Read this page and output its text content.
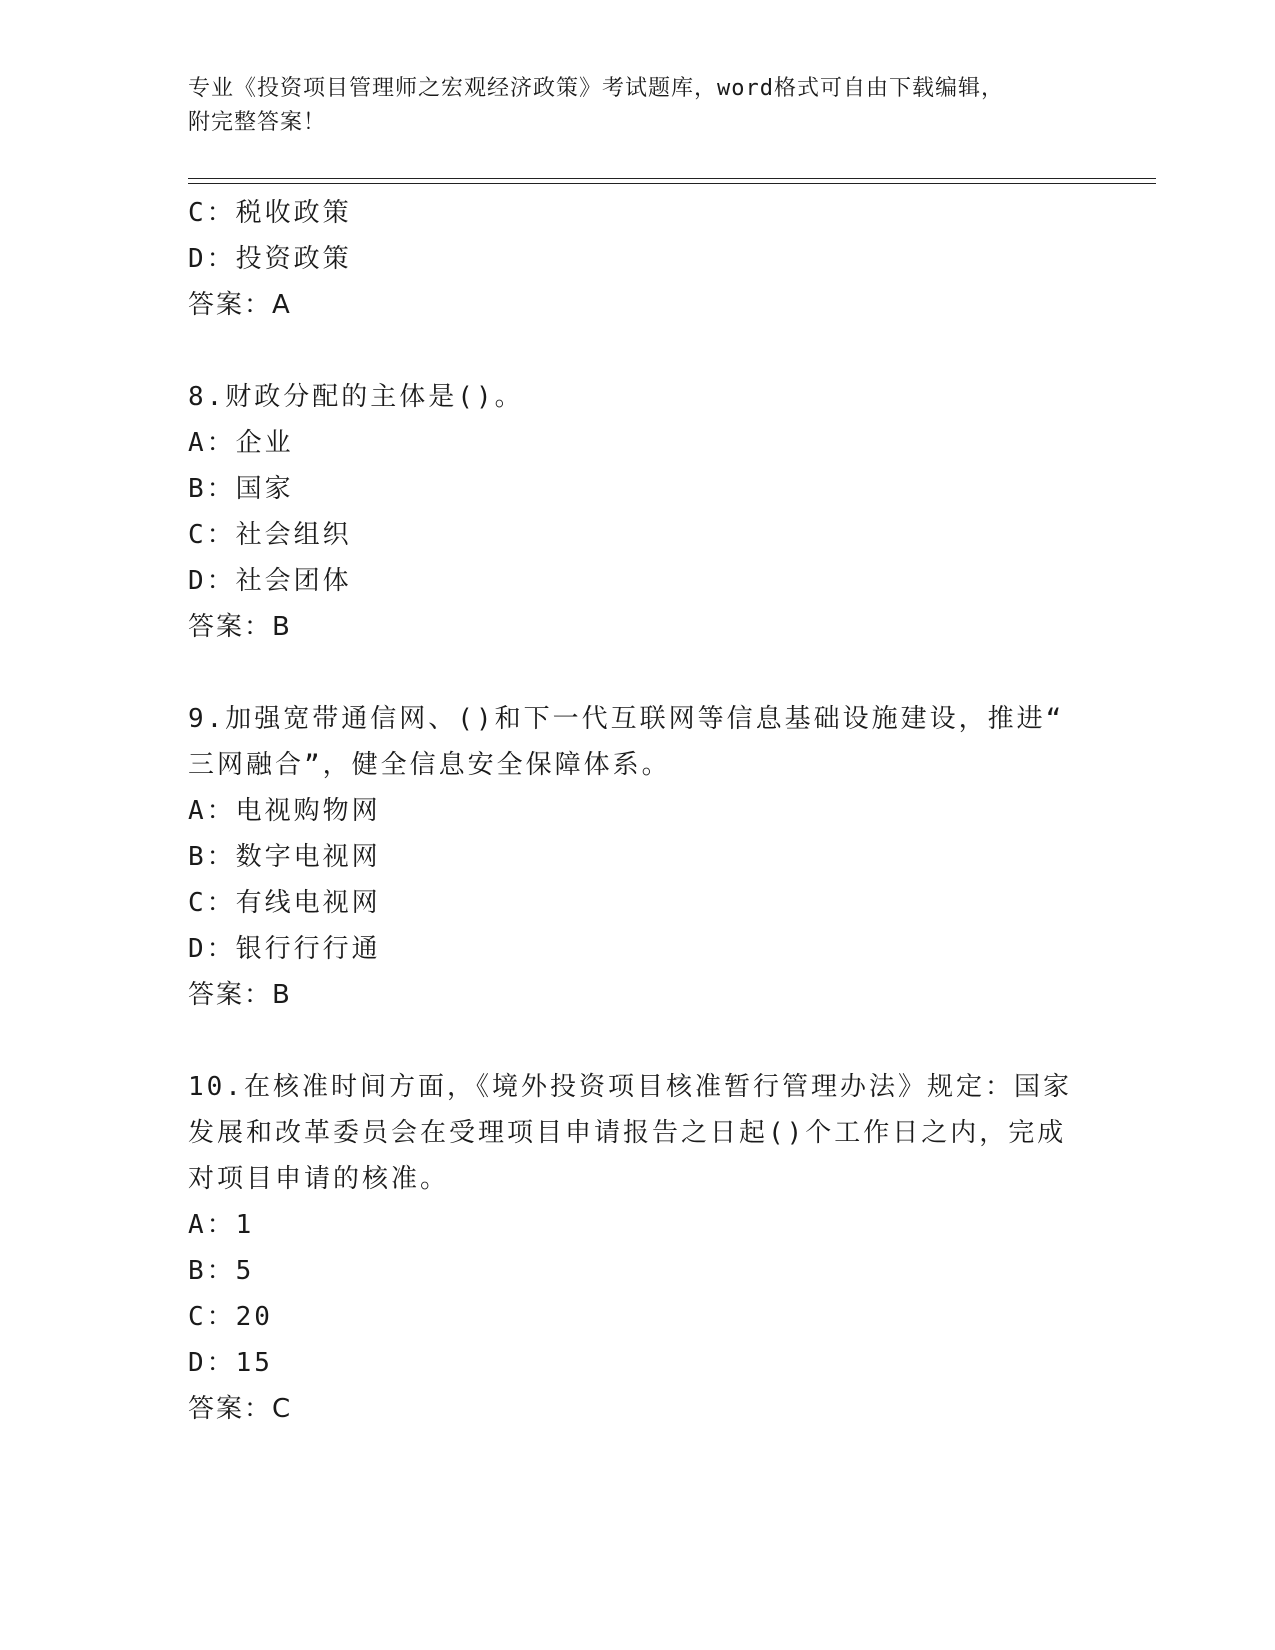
专业《投资项目管理师之宏观经济政策》考试题库，word格式可自由下载编辑，
附完整答案！
C：税收政策
D：投资政策
答案：A
8.财政分配的主体是()。
A：企业
B：国家
C：社会组织
D：社会团体
答案：B
9.加强宽带通信网、()和下一代互联网等信息基础设施建设，推进“
三网融合”，健全信息安全保障体系。
A：电视购物网
B：数字电视网
C：有线电视网
D：银行行行通
答案：B
10.在核准时间方面，《境外投资项目核准暂行管理办法》规定：国家
发展和改革委员会在受理项目申请报告之日起()个工作日之内，完成
对项目申请的核准。
A：1
B：5
C：20
D：15
答案：C
